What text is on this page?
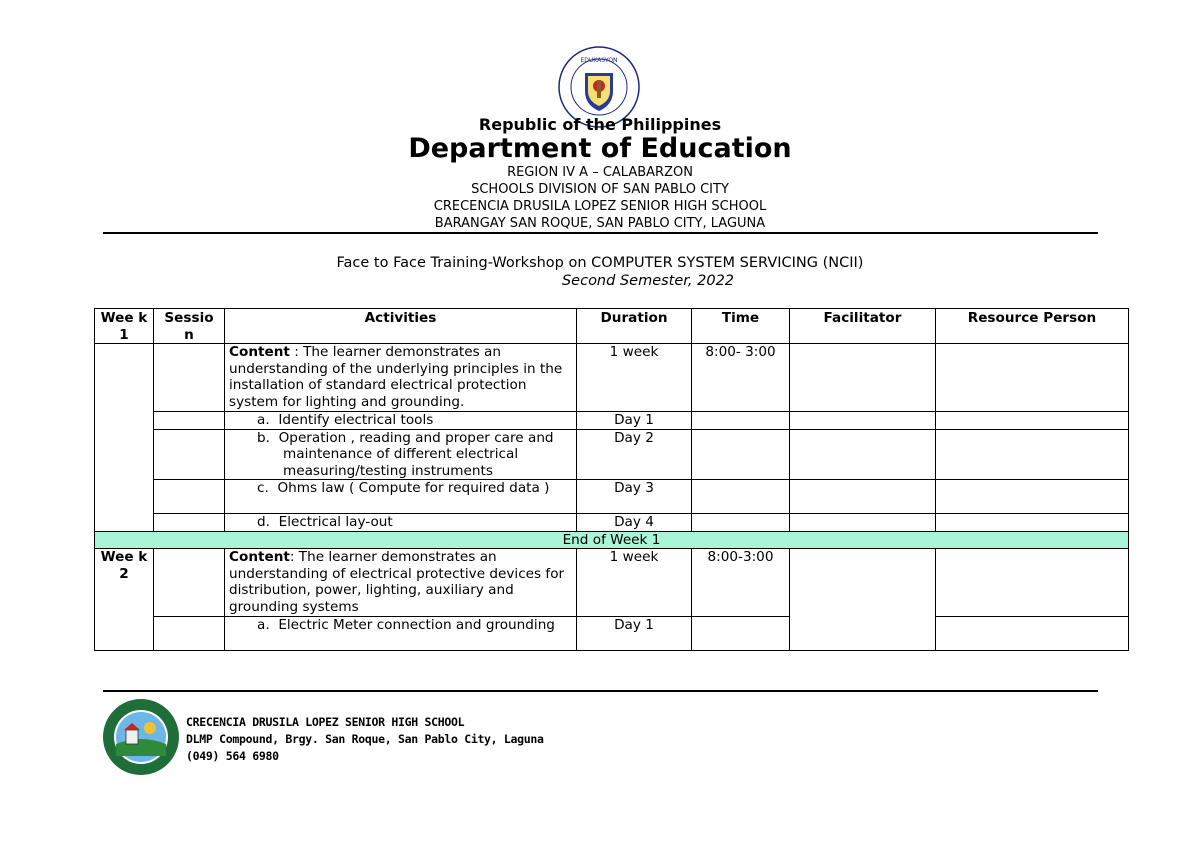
EDUKASYON
Republic of the Philippines
Department of Education
REGION IV A – CALABARZON
SCHOOLS DIVISION OF SAN PABLO CITY
CRECENCIA DRUSILA LOPEZ SENIOR HIGH SCHOOL
BARANGAY SAN ROQUE, SAN PABLO CITY, LAGUNA
Face to Face Training-Workshop on COMPUTER SYSTEM SERVICING (NCII)
Second Semester, 2022
Wee k 1	Sessio n	Activities	Duration	Time	Facilitator	Resource Person
		Content : The learner demonstrates an understanding of the underlying principles in the installation of standard electrical protection system for lighting and grounding.	1 week	8:00- 3:00		
		a. Identify electrical tools	Day 1			
		b. Operation , reading and proper care and maintenance of different electrical measuring/testing instruments	Day 2			
		c. Ohms law ( Compute for required data )	Day 3			
		d. Electrical lay-out	Day 4			
End of Week 1						
Wee k 2		Content: The learner demonstrates an understanding of electrical protective devices for distribution, power, lighting, auxiliary and grounding systems	1 week	8:00-3:00		
		a. Electric Meter connection and grounding	Day 1			
CRECENCIA DRUSILA LOPEZ SENIOR HIGH SCHOOL
DLMP Compound, Brgy. San Roque, San Pablo City, Laguna
(049) 564 6980
